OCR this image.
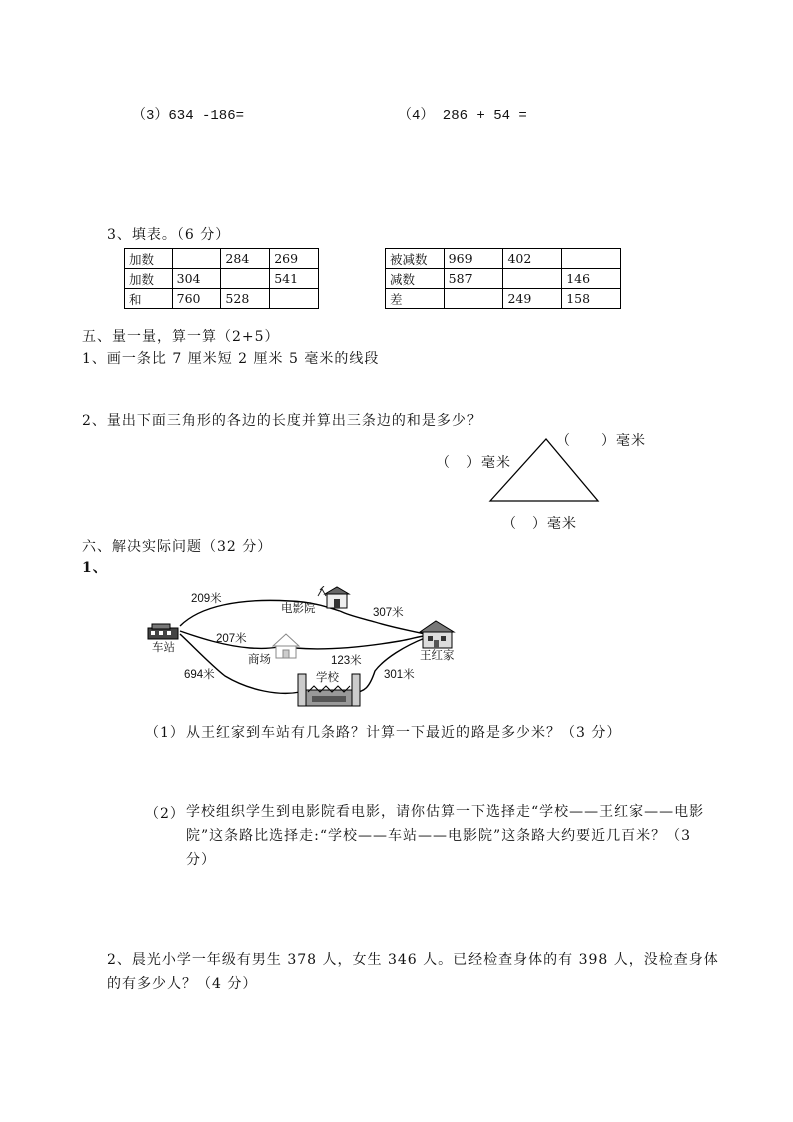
（3）634 -186=	（4） 286 + 54 =
3、填表。（6 分）
加数		284	269
加数	304		541
和	760	528	
被减数	969	402	
减数	587		146
差		249	158
五、量一量，算一算（2+5）
1、画一条比 7 厘米短 2 厘米 5 毫米的线段
2、量出下面三角形的各边的长度并算出三条边的和是多少？
（　　）毫米
（　）毫米
（　）毫米
六、解决实际问题（32 分）
1、
车站
电影院
商场
学校
王红家
209米
307米
207米
123米
694米	301米
（1） 从王红家到车站有几条路？计算一下最近的路是多少米？（3 分）
（2） 学校组织学生到电影院看电影，请你估算一下选择走“学校——王红家——电影院”这条路比选择走:“学校——车站——电影院”这条路大约要近几百米？（3 分）
2、晨光小学一年级有男生 378 人，女生 346 人。已经检查身体的有 398 人，没检查身体的有多少人？（4 分）
